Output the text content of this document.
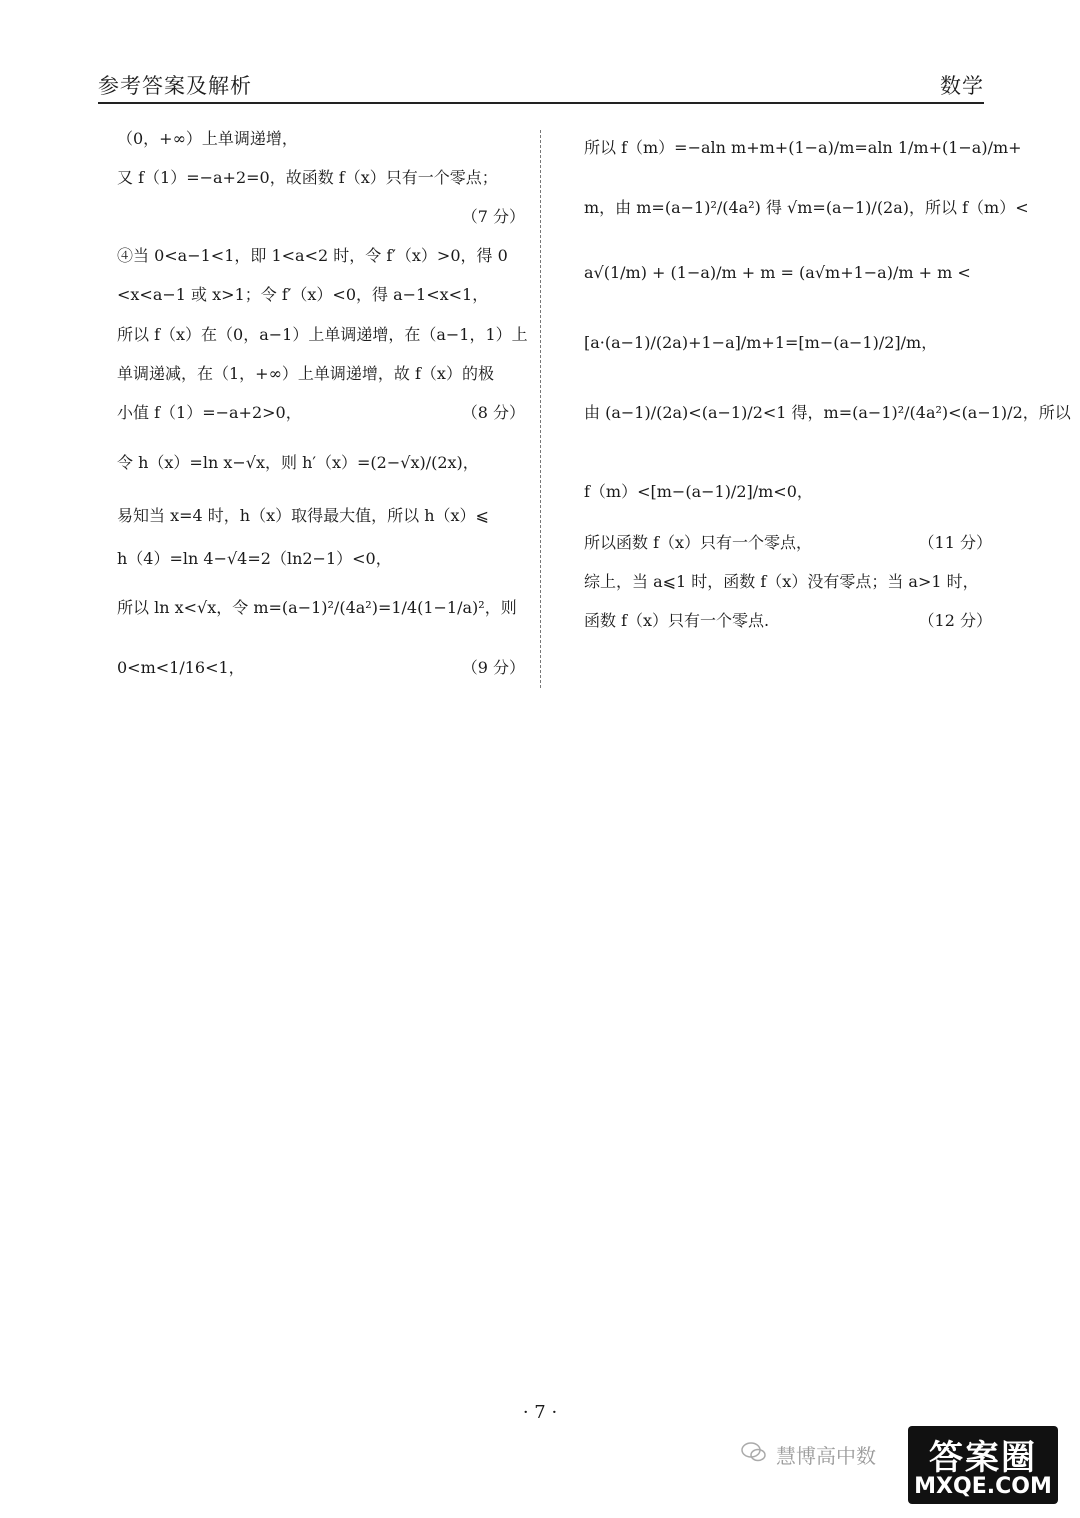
参考答案及解析	数学
（0，+∞）上单调递增，
又 f（1）=−a+2=0，故函数 f（x）只有一个零点；
（7 分）
④当 0<a−1<1，即 1<a<2 时，令 f′（x）>0，得 0
<x<a−1 或 x>1；令 f′（x）<0，得 a−1<x<1，
所以 f（x）在（0，a−1）上单调递增，在（a−1，1）上
单调递减，在（1，+∞）上单调递增，故 f（x）的极
小值 f（1）=−a+2>0，	（8 分）
令 h（x）=ln x−√x，则 h′（x）=(2−√x)/(2x)，
易知当 x=4 时，h（x）取得最大值，所以 h（x）⩽
h（4）=ln 4−√4=2（ln2−1）<0，
所以 ln x<√x，令 m=(a−1)²/(4a²)=1/4(1−1/a)²，则
0<m<1/16<1，	（9 分）
所以 f（m）=−aln m+m+(1−a)/m=aln 1/m+(1−a)/m+
m，由 m=(a−1)²/(4a²) 得 √m=(a−1)/(2a)，所以 f（m）<
a√(1/m) + (1−a)/m + m = (a√m+1−a)/m + m <
[a·(a−1)/(2a)+1−a]/m+1=[m−(a−1)/2]/m，
由 (a−1)/(2a)<(a−1)/2<1 得，m=(a−1)²/(4a²)<(a−1)/2，所以
f（m）<[m−(a−1)/2]/m<0，
所以函数 f（x）只有一个零点，	（11 分）
综上，当 a⩽1 时，函数 f（x）没有零点；当 a>1 时，
函数 f（x）只有一个零点.	（12 分）
· 7 ·
慧博高中数	答案圈
MXQE.COM
